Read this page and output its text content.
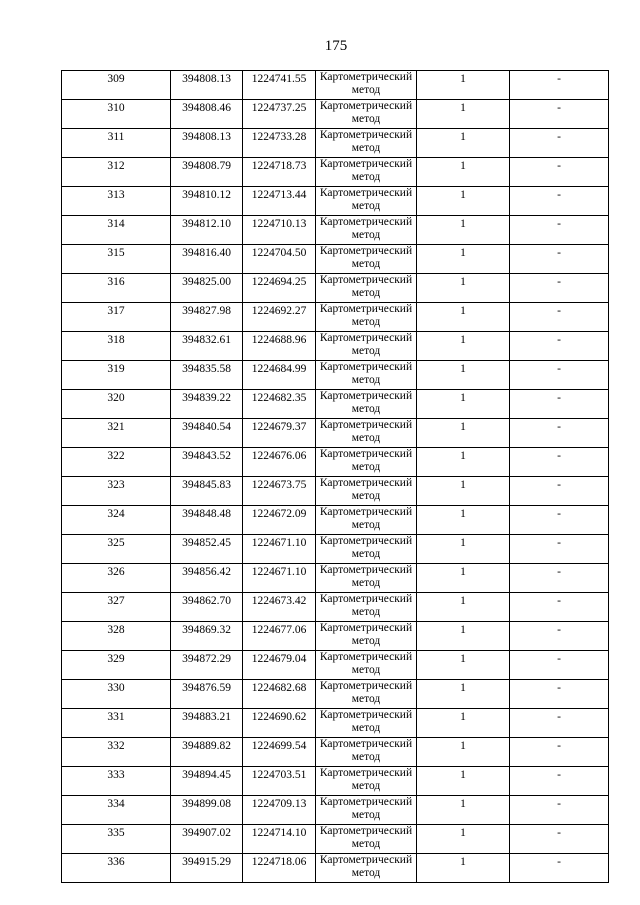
175
309	394808.13	1224741.55	Картометрический метод	1	-
310	394808.46	1224737.25	Картометрический метод	1	-
311	394808.13	1224733.28	Картометрический метод	1	-
312	394808.79	1224718.73	Картометрический метод	1	-
313	394810.12	1224713.44	Картометрический метод	1	-
314	394812.10	1224710.13	Картометрический метод	1	-
315	394816.40	1224704.50	Картометрический метод	1	-
316	394825.00	1224694.25	Картометрический метод	1	-
317	394827.98	1224692.27	Картометрический метод	1	-
318	394832.61	1224688.96	Картометрический метод	1	-
319	394835.58	1224684.99	Картометрический метод	1	-
320	394839.22	1224682.35	Картометрический метод	1	-
321	394840.54	1224679.37	Картометрический метод	1	-
322	394843.52	1224676.06	Картометрический метод	1	-
323	394845.83	1224673.75	Картометрический метод	1	-
324	394848.48	1224672.09	Картометрический метод	1	-
325	394852.45	1224671.10	Картометрический метод	1	-
326	394856.42	1224671.10	Картометрический метод	1	-
327	394862.70	1224673.42	Картометрический метод	1	-
328	394869.32	1224677.06	Картометрический метод	1	-
329	394872.29	1224679.04	Картометрический метод	1	-
330	394876.59	1224682.68	Картометрический метод	1	-
331	394883.21	1224690.62	Картометрический метод	1	-
332	394889.82	1224699.54	Картометрический метод	1	-
333	394894.45	1224703.51	Картометрический метод	1	-
334	394899.08	1224709.13	Картометрический метод	1	-
335	394907.02	1224714.10	Картометрический метод	1	-
336	394915.29	1224718.06	Картометрический метод	1	-
